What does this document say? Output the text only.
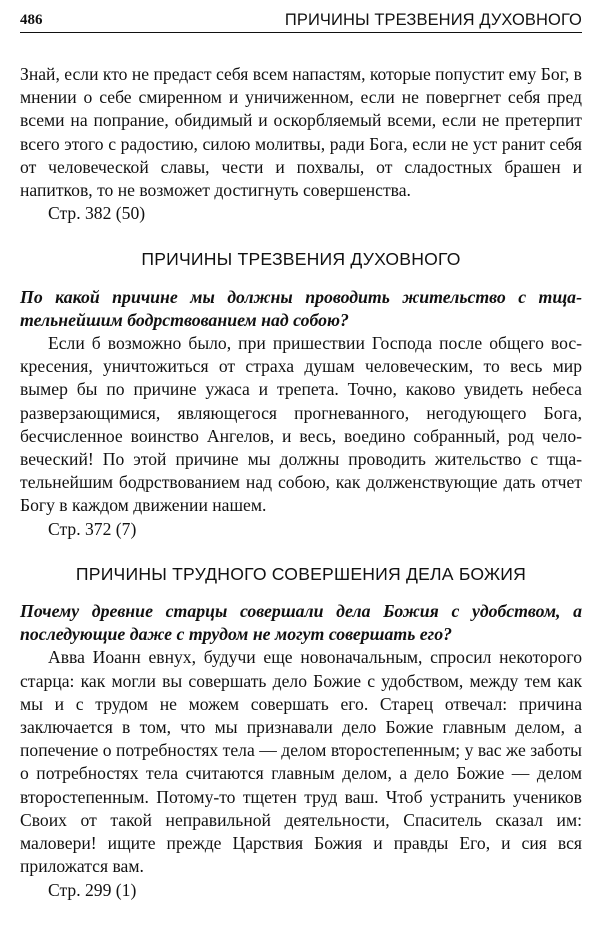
486	ПРИЧИНЫ ТРЕЗВЕНИЯ ДУХОВНОГО

Знай, если кто не предаст себя всем напастям, которые попустит ему Бог, в мнении о себе смиренном и уничиженном, если не повергнет себя пред всеми на попрание, обидимый и оскорбляемый всеми, если не претерпит всего этого с радостию, силою молитвы, ради Бога, если не уст ранит себя от человеческой славы, чести и похвалы, от сладостных брашен и напитков, то не возможет достигнуть совершенства.

Стр. 382 (50)
ПРИЧИНЫ ТРЕЗВЕНИЯ ДУХОВНОГО
По какой причине мы должны проводить жительство с тщательнейшим бодрствованием над собою?

Если б возможно было, при пришествии Господа после общего воскресения, уничтожиться от страха душам человеческим, то весь мир вымер бы по причине ужаса и трепета. Точно, каково увидеть небеса разверзающимися, являющегося прогневанного, негодующего Бога, бесчисленное воинство Ангелов, и весь, воедино собранный, род человеческий! По этой причине мы должны проводить жительство с тщательнейшим бодрствованием над собою, как долженствующие дать отчет Богу в каждом движении нашем.

Стр. 372 (7)
ПРИЧИНЫ ТРУДНОГО СОВЕРШЕНИЯ ДЕЛА БОЖИЯ
Почему древние старцы совершали дела Божия с удобством, а последующие даже с трудом не могут совершать его?

Авва Иоанн евнух, будучи еще новоначальным, спросил некоторого старца: как могли вы совершать дело Божие с удобством, между тем как мы и с трудом не можем совершать его. Старец отвечал: причина заключается в том, что мы признавали дело Божие главным делом, а попечение о потребностях тела — делом второстепенным; у вас же заботы о потребностях тела считаются главным делом, а дело Божие — делом второстепенным. Потому-то тщетен труд ваш. Чтоб устранить учеников Своих от такой неправильной деятельности, Спаситель сказал им: маловери! ищите прежде Царствия Божия и правды Его, и сия вся приложатся вам.

Стр. 299 (1)
